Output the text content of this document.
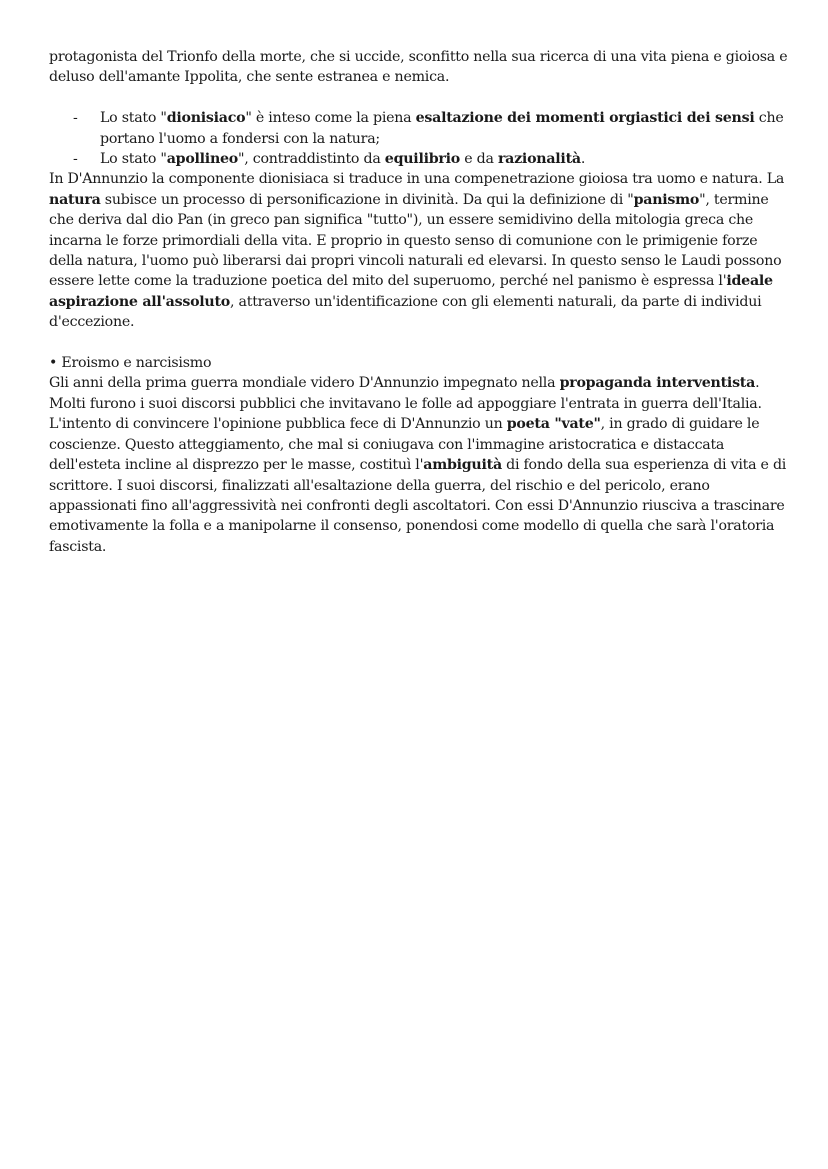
protagonista del Trionfo della morte, che si uccide, sconfitto nella sua ricerca di una vita piena e gioiosa e deluso dell'amante Ippolita, che sente estranea e nemica.

- Lo stato "dionisiaco" è inteso come la piena esaltazione dei momenti orgiastici dei sensi che portano l'uomo a fondersi con la natura;
- Lo stato "apollineo", contraddistinto da equilibrio e da razionalità.

In D'Annunzio la componente dionisiaca si traduce in una compenetrazione gioiosa tra uomo e natura. La natura subisce un processo di personificazione in divinità. Da qui la definizione di "panismo", termine che deriva dal dio Pan (in greco pan significa "tutto"), un essere semidivino della mitologia greca che incarna le forze primordiali della vita. E proprio in questo senso di comunione con le primigenie forze della natura, l'uomo può liberarsi dai propri vincoli naturali ed elevarsi. In questo senso le Laudi possono essere lette come la traduzione poetica del mito del superuomo, perché nel panismo è espressa l'ideale aspirazione all'assoluto, attraverso un'identificazione con gli elementi naturali, da parte di individui d'eccezione.

• Eroismo e narcisismo

Gli anni della prima guerra mondiale videro D'Annunzio impegnato nella propaganda interventista. Molti furono i suoi discorsi pubblici che invitavano le folle ad appoggiare l'entrata in guerra dell'Italia. L'intento di convincere l'opinione pubblica fece di D'Annunzio un poeta "vate", in grado di guidare le coscienze. Questo atteggiamento, che mal si coniugava con l'immagine aristocratica e distaccata dell'esteta incline al disprezzo per le masse, costituì l'ambiguità di fondo della sua esperienza di vita e di scrittore. I suoi discorsi, finalizzati all'esaltazione della guerra, del rischio e del pericolo, erano appassionati fino all'aggressività nei confronti degli ascoltatori. Con essi D'Annunzio riusciva a trascinare emotivamente la folla e a manipolarne il consenso, ponendosi come modello di quella che sarà l'oratoria fascista.
